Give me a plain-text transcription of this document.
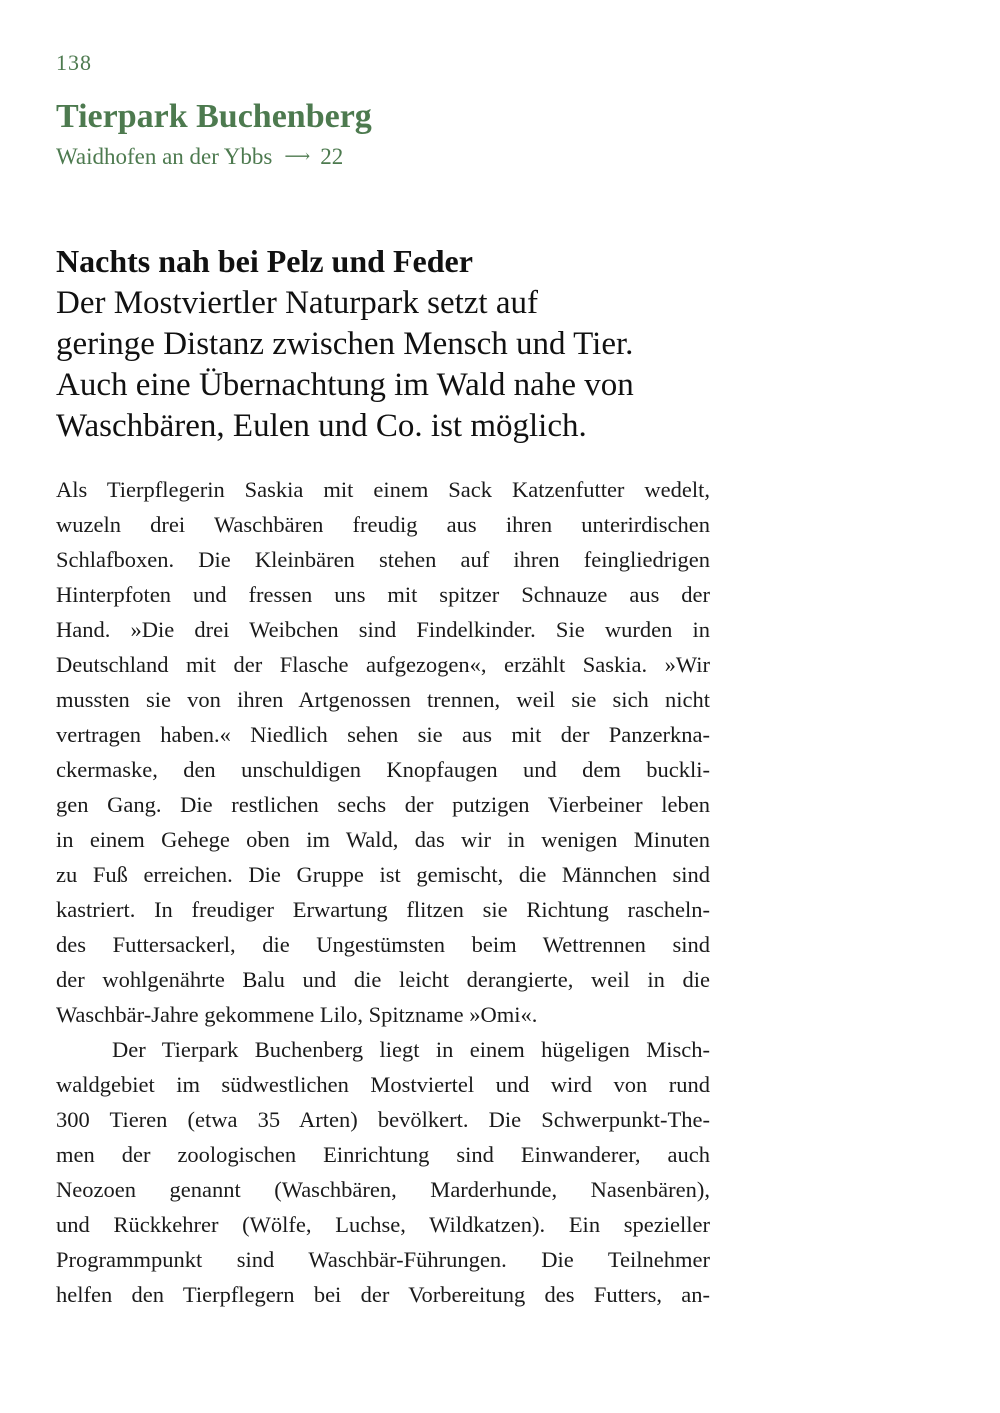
138
Tierpark Buchenberg
Waidhofen an der Ybbs ⟶ 22
Nachts nah bei Pelz und Feder
Der Mostviertler Naturpark setzt auf
geringe Distanz zwischen Mensch und Tier.
Auch eine Übernachtung im Wald nahe von
Waschbären, Eulen und Co. ist möglich.
Als Tierpflegerin Saskia mit einem Sack Katzenfutter wedelt,
wuzeln drei Waschbären freudig aus ihren unterirdischen
Schlafboxen. Die Kleinbären stehen auf ihren feingliedrigen
Hinterpfoten und fressen uns mit spitzer Schnauze aus der
Hand. »Die drei Weibchen sind Findelkinder. Sie wurden in
Deutschland mit der Flasche aufgezogen«, erzählt Saskia. »Wir
mussten sie von ihren Artgenossen trennen, weil sie sich nicht
vertragen haben.« Niedlich sehen sie aus mit der Panzerkna-
ckermaske, den unschuldigen Knopfaugen und dem buckli-
gen Gang. Die restlichen sechs der putzigen Vierbeiner leben
in einem Gehege oben im Wald, das wir in wenigen Minuten
zu Fuß erreichen. Die Gruppe ist gemischt, die Männchen sind
kastriert. In freudiger Erwartung flitzen sie Richtung rascheln-
des Futtersackerl, die Ungestümsten beim Wettrennen sind
der wohlgenährte Balu und die leicht derangierte, weil in die
Waschbär-Jahre gekommene Lilo, Spitzname »Omi«.
Der Tierpark Buchenberg liegt in einem hügeligen Misch-
waldgebiet im südwestlichen Mostviertel und wird von rund
300 Tieren (etwa 35 Arten) bevölkert. Die Schwerpunkt-The-
men der zoologischen Einrichtung sind Einwanderer, auch
Neozoen genannt (Waschbären, Marderhunde, Nasenbären),
und Rückkehrer (Wölfe, Luchse, Wildkatzen). Ein spezieller
Programmpunkt sind Waschbär-Führungen. Die Teilnehmer
helfen den Tierpflegern bei der Vorbereitung des Futters, an-
